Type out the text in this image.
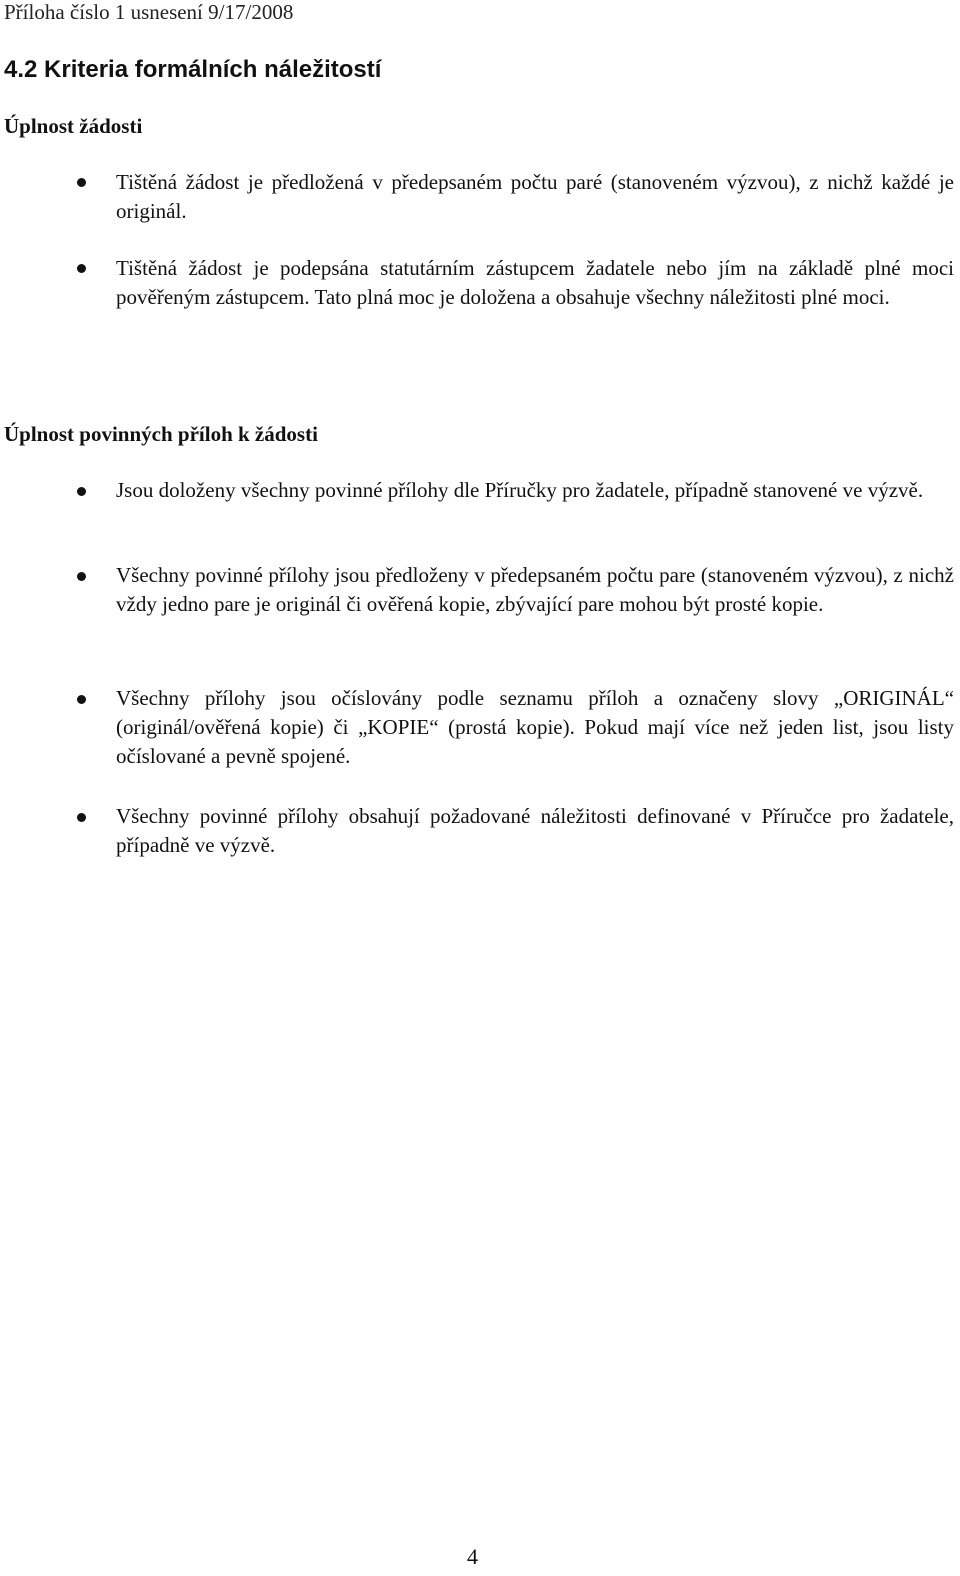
Příloha číslo 1 usnesení 9/17/2008
4.2 Kriteria formálních náležitostí
Úplnost žádosti
Tištěná žádost je předložená v předepsaném počtu paré (stanoveném výzvou), z nichž každé je originál.
Tištěná žádost je podepsána statutárním zástupcem žadatele nebo jím na základě plné moci pověřeným zástupcem. Tato plná moc je doložena a obsahuje všechny náležitosti plné moci.
Úplnost povinných příloh k žádosti
Jsou doloženy všechny povinné přílohy dle Příručky pro žadatele, případně stanovené ve výzvě.
Všechny povinné přílohy jsou předloženy v předepsaném počtu pare (stanoveném výzvou), z nichž vždy jedno pare je originál či ověřená kopie, zbývající pare mohou být prosté kopie.
Všechny přílohy jsou očíslovány podle seznamu příloh a označeny slovy „ORIGINÁL“ (originál/ověřená kopie) či „KOPIE“ (prostá kopie). Pokud mají více než jeden list, jsou listy očíslované a pevně spojené.
Všechny povinné přílohy obsahují požadované náležitosti definované v Příručce pro žadatele, případně ve výzvě.
4
